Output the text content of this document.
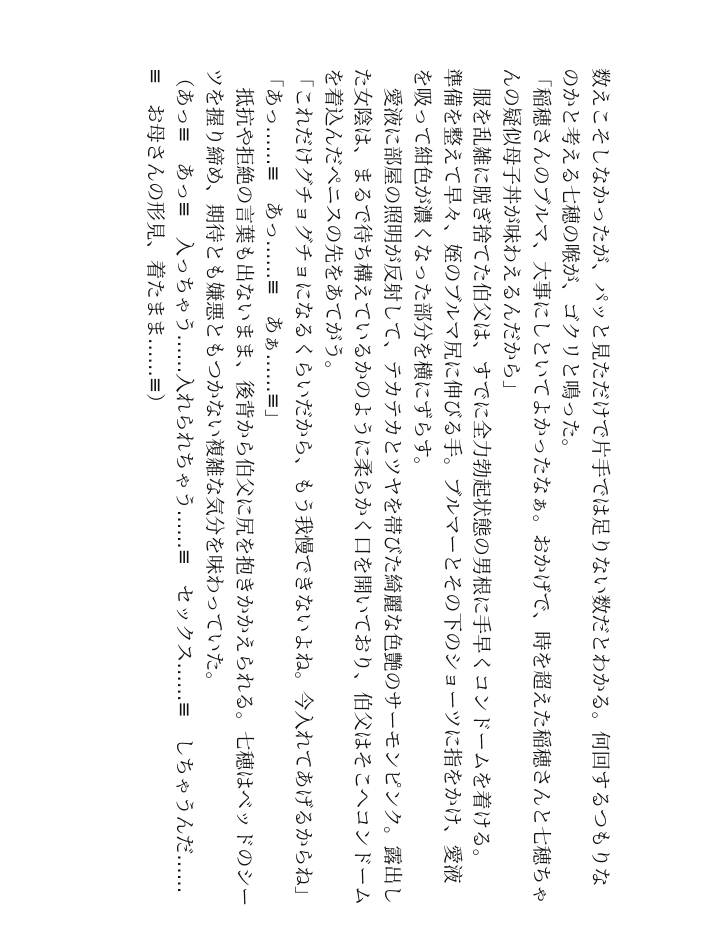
数えこそしなかったが、パッと見ただけで片手では足りない数だとわかる。何回するつもりな
のかと考える七穂の喉が、ゴクリと鳴った。
「稲穂さんのブルマ、大事にしといてよかったなぁ。おかげで、時を超えた稲穂さんと七穂ちゃ
んの疑似母子丼が味わえるんだから」
　服を乱雑に脱ぎ捨てた伯父は、すでに全力勃起状態の男根に手早くコンドームを着ける。
準備を整えて早々、姪のブルマ尻に伸びる手。ブルマーとその下のショーツに指をかけ、愛液
を吸って紺色が濃くなった部分を横にずらす。
　愛液に部屋の照明が反射して、テカテカとツヤを帯びた綺麗な色艶のサーモンピンク。露出し
た女陰は、まるで待ち構えているかのように柔らかく口を開いており、伯父はそこへコンドーム
を着込んだペニスの先をあてがう。
「これだけグチョグチョになるくらいだから、もう我慢できないよね。今入れてあげるからね」
「あっ……≡　あっ……≡　あぁ……≡」
　抵抗や拒絶の言葉も出ないまま、後背から伯父に尻を抱きかかえられる。七穂はベッドのシー
ツを握り締め、期待とも嫌悪ともつかない複雑な気分を味わっていた。
（あっ≡　あっ≡　入っちゃう……入れられちゃう……≡　セックス……≡　しちゃうんだ……
≡　お母さんの形見、着たまま……≡）
